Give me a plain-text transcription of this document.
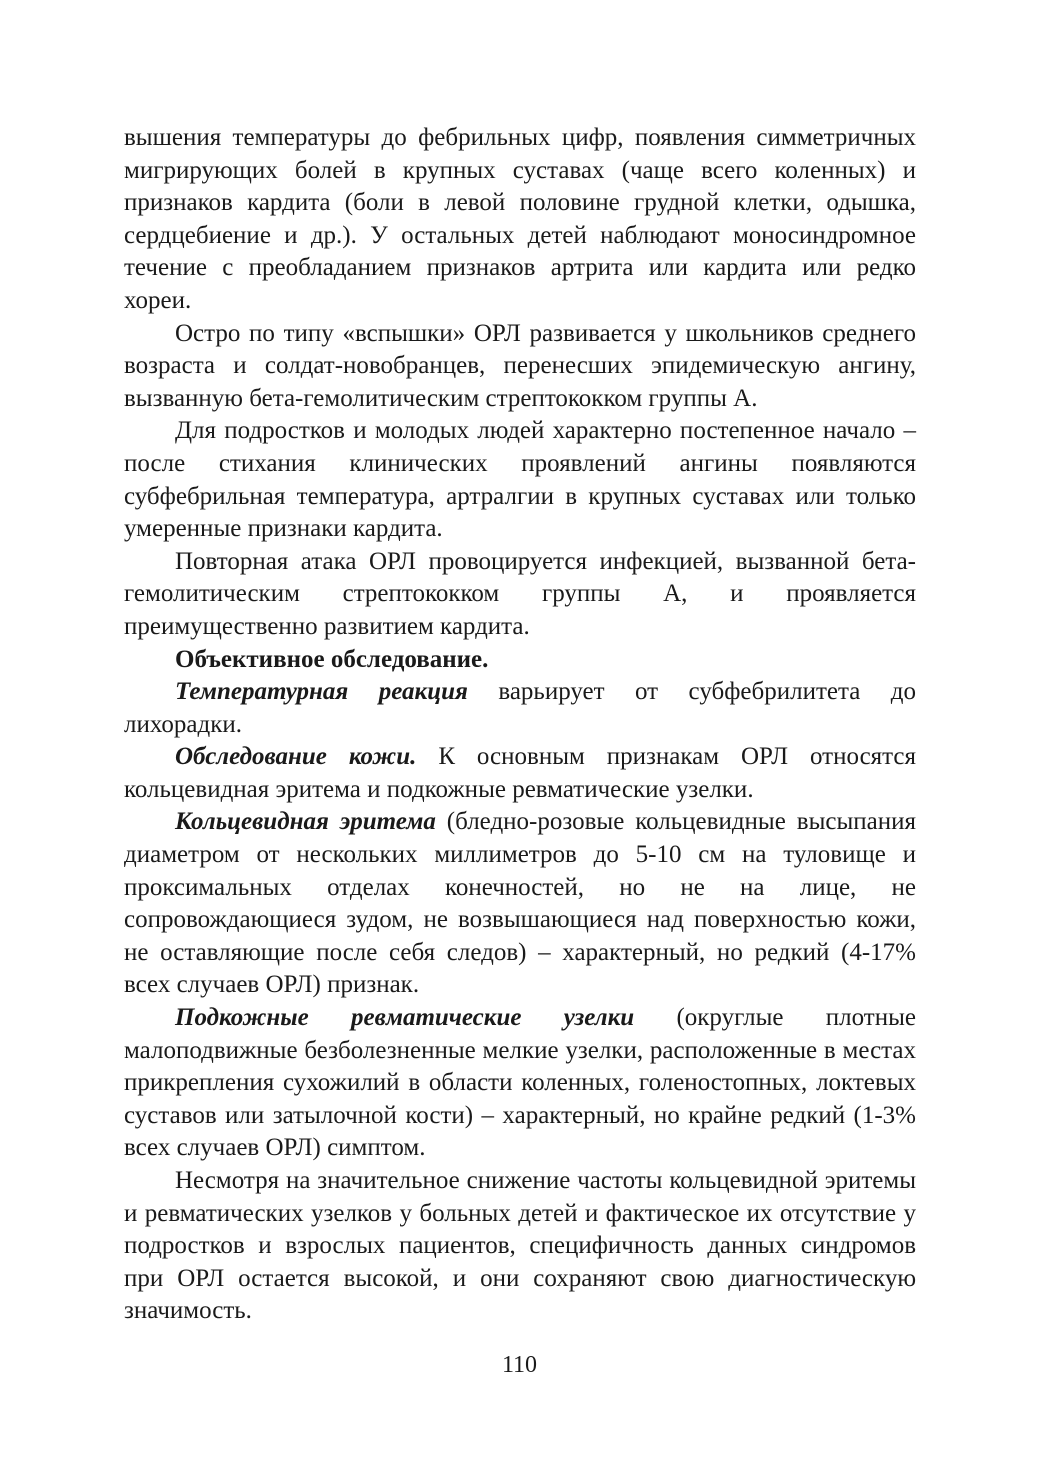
вышения температуры до фебрильных цифр, появления симметричных мигрирующих болей в крупных суставах (чаще всего коленных) и признаков кардита (боли в левой половине грудной клетки, одышка, сердцебиение и др.). У остальных детей наблюдают моносиндромное течение с преобладанием признаков артрита или кардита или редко хореи.

Остро по типу «вспышки» ОРЛ развивается у школьников среднего возраста и солдат-новобранцев, перенесших эпидемическую ангину, вызванную бета-гемолитическим стрептококком группы А.

Для подростков и молодых людей характерно постепенное начало – после стихания клинических проявлений ангины появляются субфебрильная температура, артралгии в крупных суставах или только умеренные признаки кардита.

Повторная атака ОРЛ провоцируется инфекцией, вызванной бета-гемолитическим стрептококком группы А, и проявляется преимущественно развитием кардита.

Объективное обследование.

Температурная реакция варьирует от субфебрилитета до лихорадки.

Обследование кожи. К основным признакам ОРЛ относятся кольцевидная эритема и подкожные ревматические узелки.

Кольцевидная эритема (бледно-розовые кольцевидные высыпания диаметром от нескольких миллиметров до 5-10 см на туловище и проксимальных отделах конечностей, но не на лице, не сопровождающиеся зудом, не возвышающиеся над поверхностью кожи, не оставляющие после себя следов) – характерный, но редкий (4-17% всех случаев ОРЛ) признак.

Подкожные ревматические узелки (округлые плотные малоподвижные безболезненные мелкие узелки, расположенные в местах прикрепления сухожилий в области коленных, голеностопных, локтевых суставов или затылочной кости) – характерный, но крайне редкий (1-3% всех случаев ОРЛ) симптом.

Несмотря на значительное снижение частоты кольцевидной эритемы и ревматических узелков у больных детей и фактическое их отсутствие у подростков и взрослых пациентов, специфичность данных синдромов при ОРЛ остается высокой, и они сохраняют свою диагностическую значимость.

110
